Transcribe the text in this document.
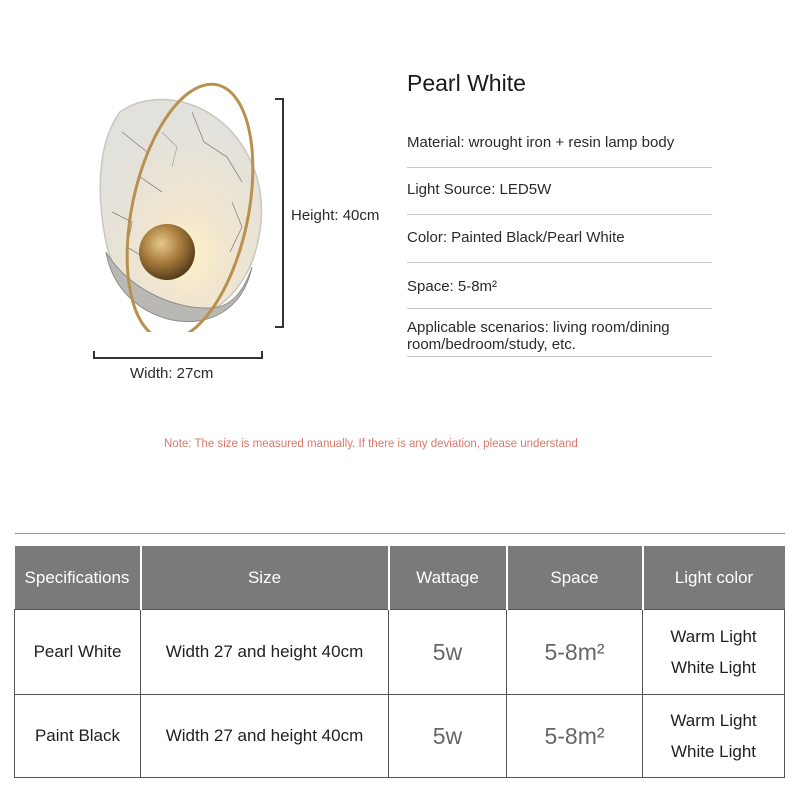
Height: 40cm
Width: 27cm
Pearl White
Material: wrought iron + resin lamp body
Light Source: LED5W
Color: Painted Black/Pearl White
Space: 5-8m²
Applicable scenarios: living room/dining room/bedroom/study, etc.
Note: The size is measured manually. If there is any deviation, please understand
Specifications	Size	Wattage	Space	Light color
Pearl White	Width 27 and height 40cm	5w	5-8m²	Warm Light
White Light

Paint Black	Width 27 and height 40cm	5w	5-8m²	Warm Light
White Light
